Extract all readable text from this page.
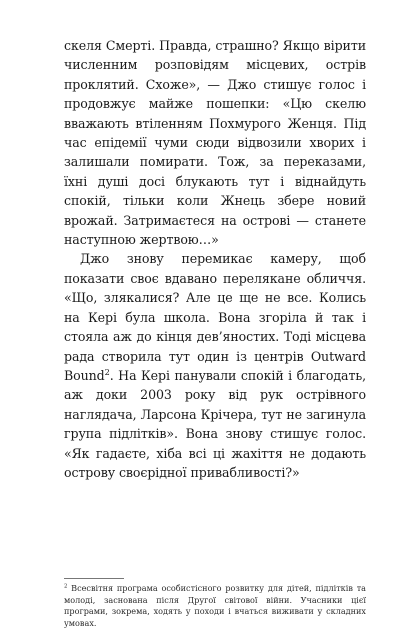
скеля Смерті. Правда, страшно? Якщо вірити численним розповідям місцевих, острів проклятий. Схоже», — Джо стишує голос і продовжує майже пошепки: «Цю скелю вважають втіленням Похмурого Женця. Під час епідемії чуми сюди відвозили хворих і залишали помирати. Тож, за переказами, їхні душі досі блукають тут і віднайдуть спокій, тільки коли Жнець збере новий врожай. Затримаєтеся на острові — станете наступною жертвою…»

Джо знову перемикає камеру, щоб показати своє вдавано перелякане обличчя. «Що, злякалися? Але це ще не все. Колись на Кері була школа. Вона згоріла й так і стояла аж до кінця дев’яностих. Тоді місцева рада створила тут один із центрів Outward Bound$^2$. На Кері панували спокій і благодать, аж доки 2003 року від рук острівного наглядача, Ларсона Крічера, тут не загинула група підлітків». Вона знову стишує голос. «Як гадаєте, хіба всі ці жахіття не додають острову своєрідної привабливості?»

$^2$ Всесвітня програма особистісного розвитку для дітей, підлітків та молоді, заснована після Другої світової війни. Учасники цієї програми, зокрема, ходять у походи і вчаться виживати у складних умовах.
